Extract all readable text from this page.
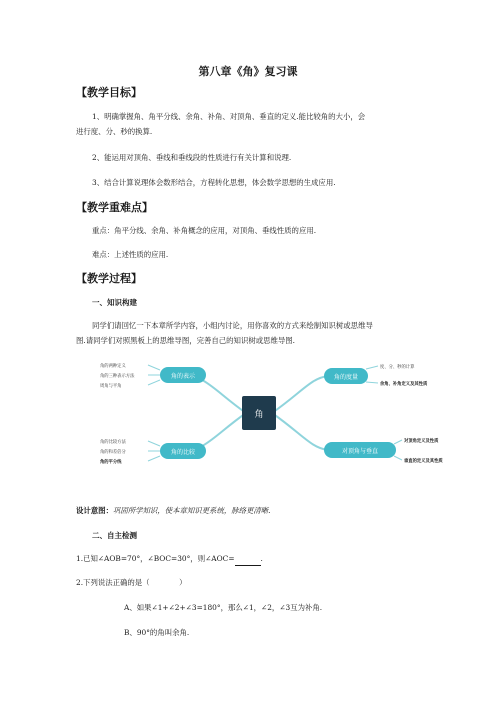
第八章《角》复习课
【教学目标】
1、明确掌握角、角平分线、余角、补角、对顶角、垂直的定义.能比较角的大小，会
进行度、分、秒的换算.
2、能运用对顶角、垂线和垂线段的性质进行有关计算和说理.
3、结合计算说理体会数形结合，方程转化思想，体会数学思想的生成应用.
【教学重难点】
重点：角平分线、余角、补角概念的应用，对顶角、垂线性质的应用.
难点：上述性质的应用.
【教学过程】
一、知识构建
同学们请回忆一下本章所学内容，小组内讨论，用你喜欢的方式来绘制知识树或思维导
图.请同学们对照黑板上的思维导图，完善自己的知识树或思维导图.
角
角的表示
角的两种定义
角的三种表示方法
周角与平角
角的比较
角的比较方法
角的和差倍分
角的平分线
角的度量
度、分、秒的计算
余角、补角定义及其性质
对顶角与垂直
对顶角定义及性质
垂直的定义及其性质
设计意图：巩固所学知识，使本章知识更系统，脉络更清晰.
二、自主检测
1.已知∠AOB=70°，∠BOC=30°，则∠AOC=	.
2.下列说法正确的是（　　　　）
A、如果∠1+∠2+∠3=180°，那么∠1，∠2，∠3互为补角.
B、90°的角叫余角.
